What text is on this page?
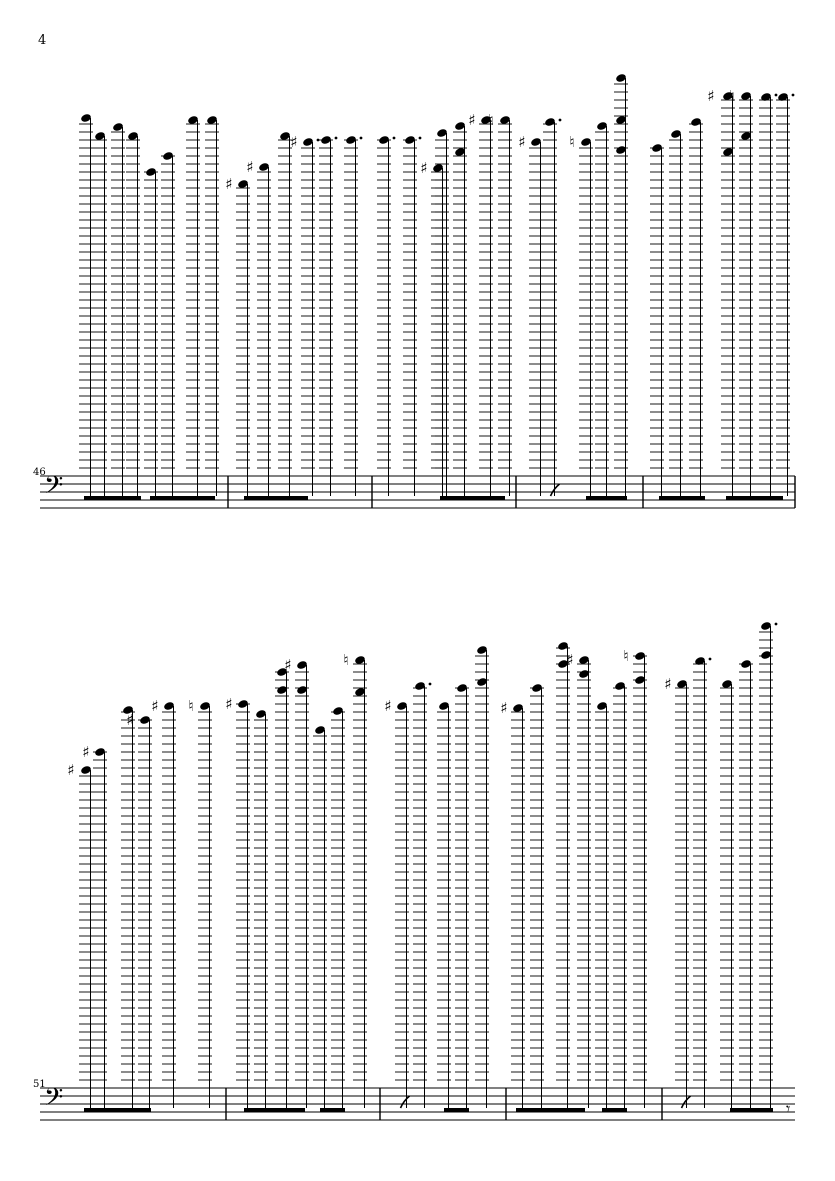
4
46
51
𝄢
♯
♯
♯
♯
♯ ♮
♯	♮
♯ ♮
𝄢
♯
♯
♯
♯ ♮ ♯
♯	♮
♯	♯
♯	♮
♯
𝄾
